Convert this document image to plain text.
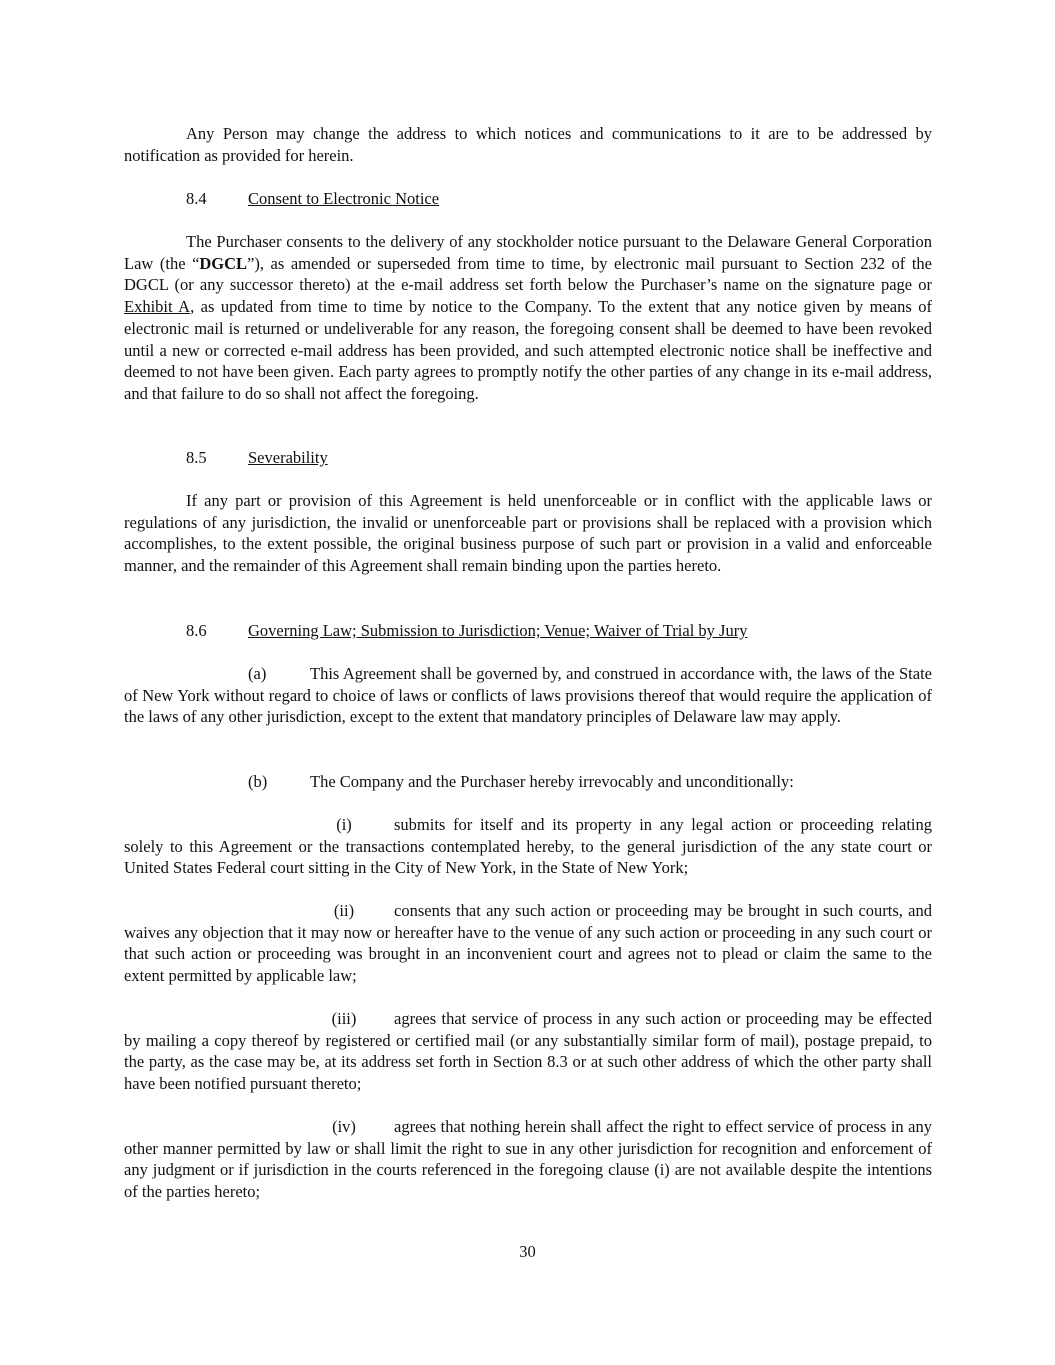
Any Person may change the address to which notices and communications to it are to be addressed by notification as provided for herein.

8.4	Consent to Electronic Notice

The Purchaser consents to the delivery of any stockholder notice pursuant to the Delaware General Corporation Law (the “DGCL”), as amended or superseded from time to time, by electronic mail pursuant to Section 232 of the DGCL (or any successor thereto) at the e-mail address set forth below the Purchaser’s name on the signature page or Exhibit A, as updated from time to time by notice to the Company. To the extent that any notice given by means of electronic mail is returned or undeliverable for any reason, the foregoing consent shall be deemed to have been revoked until a new or corrected e-mail address has been provided, and such attempted electronic notice shall be ineffective and deemed to not have been given. Each party agrees to promptly notify the other parties of any change in its e-mail address, and that failure to do so shall not affect the foregoing.

8.5	Severability

If any part or provision of this Agreement is held unenforceable or in conflict with the applicable laws or regulations of any jurisdiction, the invalid or unenforceable part or provisions shall be replaced with a provision which accomplishes, to the extent possible, the original business purpose of such part or provision in a valid and enforceable manner, and the remainder of this Agreement shall remain binding upon the parties hereto.

8.6	Governing Law; Submission to Jurisdiction; Venue; Waiver of Trial by Jury

(a)	This Agreement shall be governed by, and construed in accordance with, the laws of the State of New York without regard to choice of laws or conflicts of laws provisions thereof that would require the application of the laws of any other jurisdiction, except to the extent that mandatory principles of Delaware law may apply.

(b)	The Company and the Purchaser hereby irrevocably and unconditionally:

(i)	submits for itself and its property in any legal action or proceeding relating solely to this Agreement or the transactions contemplated hereby, to the general jurisdiction of the any state court or United States Federal court sitting in the City of New York, in the State of New York;

(ii) consents that any such action or proceeding may be brought in such courts, and waives any objection that it may now or hereafter have to the venue of any such action or proceeding in any such court or that such action or proceeding was brought in an inconvenient court and agrees not to plead or claim the same to the extent permitted by applicable law;

(iii) agrees that service of process in any such action or proceeding may be effected by mailing a copy thereof by registered or certified mail (or any substantially similar form of mail), postage prepaid, to the party, as the case may be, at its address set forth in Section 8.3 or at such other address of which the other party shall have been notified pursuant thereto;

(iv) agrees that nothing herein shall affect the right to effect service of process in any other manner permitted by law or shall limit the right to sue in any other jurisdiction for recognition and enforcement of any judgment or if jurisdiction in the courts referenced in the foregoing clause (i) are not available despite the intentions of the parties hereto;

30
